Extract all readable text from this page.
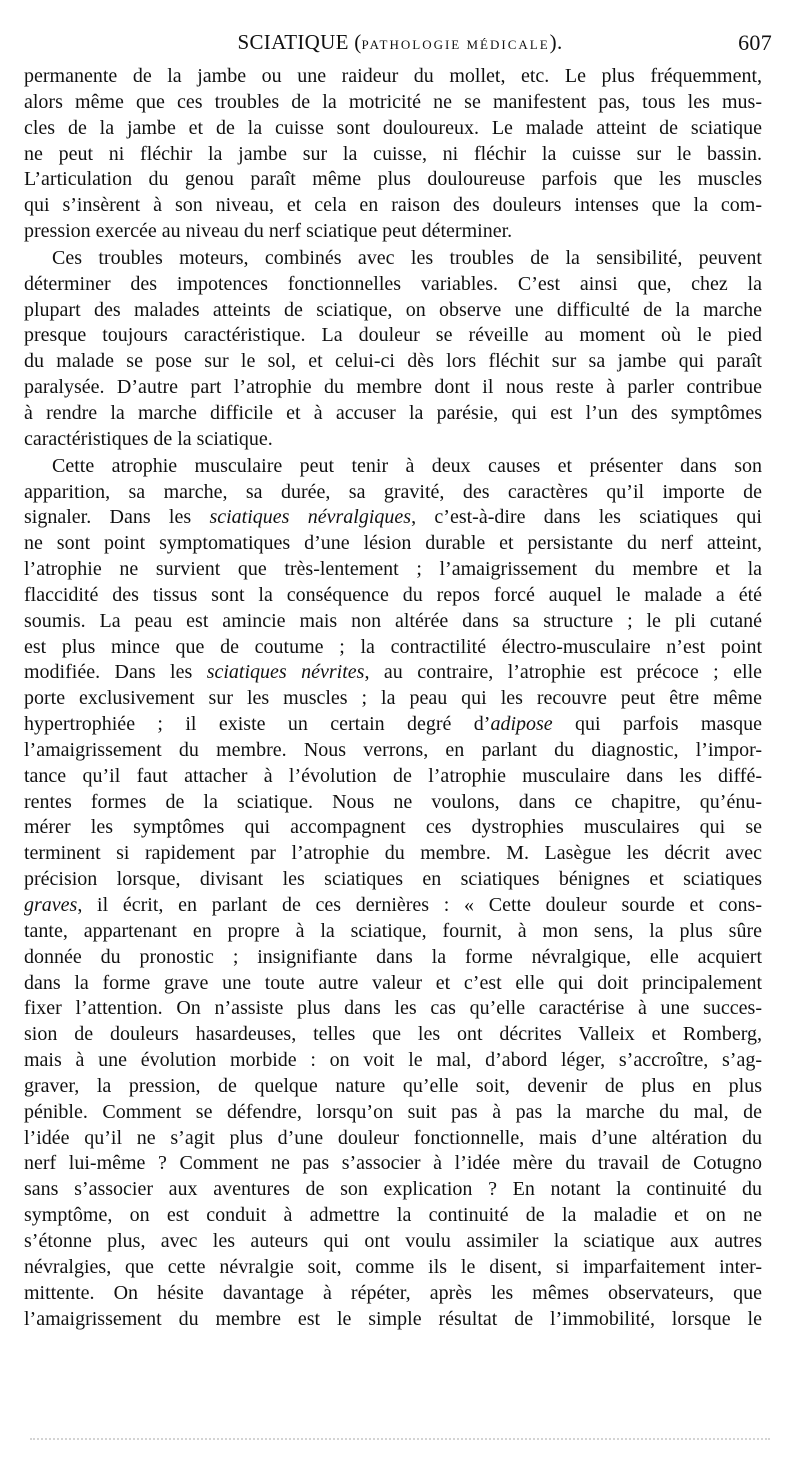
SCIATIQUE (PATHOLOGIE MÉDICALE).	607
permanente de la jambe ou une raideur du mollet, etc. Le plus fréquemment,
alors même que ces troubles de la motricité ne se manifestent pas, tous les mus-
cles de la jambe et de la cuisse sont douloureux. Le malade atteint de sciatique
ne peut ni fléchir la jambe sur la cuisse, ni fléchir la cuisse sur le bassin.
L’articulation du genou paraît même plus douloureuse parfois que les muscles
qui s’insèrent à son niveau, et cela en raison des douleurs intenses que la com-
pression exercée au niveau du nerf sciatique peut déterminer.
Ces troubles moteurs, combinés avec les troubles de la sensibilité, peuvent
déterminer des impotences fonctionnelles variables. C’est ainsi que, chez la
plupart des malades atteints de sciatique, on observe une difficulté de la marche
presque toujours caractéristique. La douleur se réveille au moment où le pied
du malade se pose sur le sol, et celui-ci dès lors fléchit sur sa jambe qui paraît
paralysée. D’autre part l’atrophie du membre dont il nous reste à parler contribue
à rendre la marche difficile et à accuser la parésie, qui est l’un des symptômes
caractéristiques de la sciatique.
Cette atrophie musculaire peut tenir à deux causes et présenter dans son
apparition, sa marche, sa durée, sa gravité, des caractères qu’il importe de
signaler. Dans les sciatiques névralgiques, c’est-à-dire dans les sciatiques qui
ne sont point symptomatiques d’une lésion durable et persistante du nerf atteint,
l’atrophie ne survient que très-lentement ; l’amaigrissement du membre et la
flaccidité des tissus sont la conséquence du repos forcé auquel le malade a été
soumis. La peau est amincie mais non altérée dans sa structure ; le pli cutané
est plus mince que de coutume ; la contractilité électro-musculaire n’est point
modifiée. Dans les sciatiques névrites, au contraire, l’atrophie est précoce ; elle
porte exclusivement sur les muscles ; la peau qui les recouvre peut être même
hypertrophiée ; il existe un certain degré d’adipose qui parfois masque
l’amaigrissement du membre. Nous verrons, en parlant du diagnostic, l’impor-
tance qu’il faut attacher à l’évolution de l’atrophie musculaire dans les diffé-
rentes formes de la sciatique. Nous ne voulons, dans ce chapitre, qu’énu-
mérer les symptômes qui accompagnent ces dystrophies musculaires qui se
terminent si rapidement par l’atrophie du membre. M. Lasègue les décrit avec
précision lorsque, divisant les sciatiques en sciatiques bénignes et sciatiques
graves, il écrit, en parlant de ces dernières : « Cette douleur sourde et cons-
tante, appartenant en propre à la sciatique, fournit, à mon sens, la plus sûre
donnée du pronostic ; insignifiante dans la forme névralgique, elle acquiert
dans la forme grave une toute autre valeur et c’est elle qui doit principalement
fixer l’attention. On n’assiste plus dans les cas qu’elle caractérise à une succes-
sion de douleurs hasardeuses, telles que les ont décrites Valleix et Romberg,
mais à une évolution morbide : on voit le mal, d’abord léger, s’accroître, s’ag-
graver, la pression, de quelque nature qu’elle soit, devenir de plus en plus
pénible. Comment se défendre, lorsqu’on suit pas à pas la marche du mal, de
l’idée qu’il ne s’agit plus d’une douleur fonctionnelle, mais d’une altération du
nerf lui-même ? Comment ne pas s’associer à l’idée mère du travail de Cotugno
sans s’associer aux aventures de son explication ? En notant la continuité du
symptôme, on est conduit à admettre la continuité de la maladie et on ne
s’étonne plus, avec les auteurs qui ont voulu assimiler la sciatique aux autres
névralgies, que cette névralgie soit, comme ils le disent, si imparfaitement inter-
mittente. On hésite davantage à répéter, après les mêmes observateurs, que
l’amaigrissement du membre est le simple résultat de l’immobilité, lorsque le
